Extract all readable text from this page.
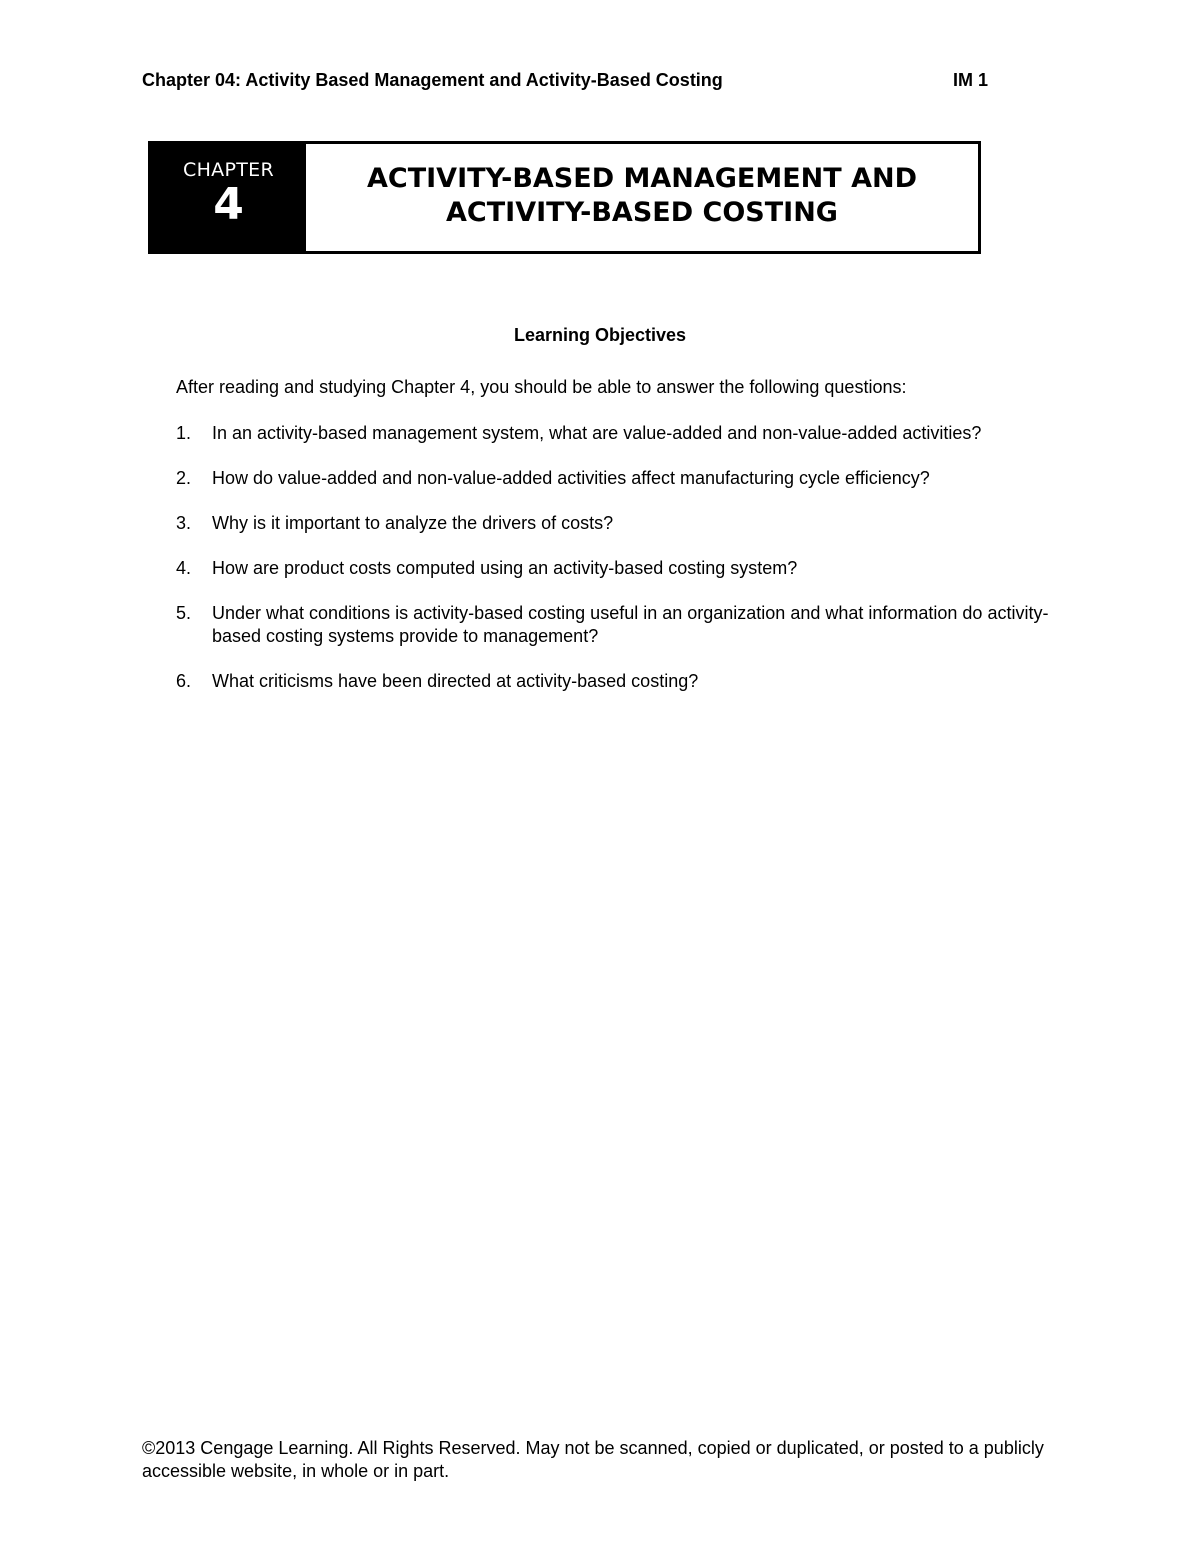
Chapter 04: Activity Based Management and Activity-Based Costing	IM 1
CHAPTER
4
ACTIVITY-BASED MANAGEMENT AND
ACTIVITY-BASED COSTING
Learning Objectives
After reading and studying Chapter 4, you should be able to answer the following questions:
1. In an activity-based management system, what are value-added and non-value-added activities?
2. How do value-added and non-value-added activities affect manufacturing cycle efficiency?
3. Why is it important to analyze the drivers of costs?
4. How are product costs computed using an activity-based costing system?
5. Under what conditions is activity-based costing useful in an organization and what information do activity-based costing systems provide to management?
6. What criticisms have been directed at activity-based costing?
©2013 Cengage Learning. All Rights Reserved. May not be scanned, copied or duplicated, or posted to a publicly accessible website, in whole or in part.
